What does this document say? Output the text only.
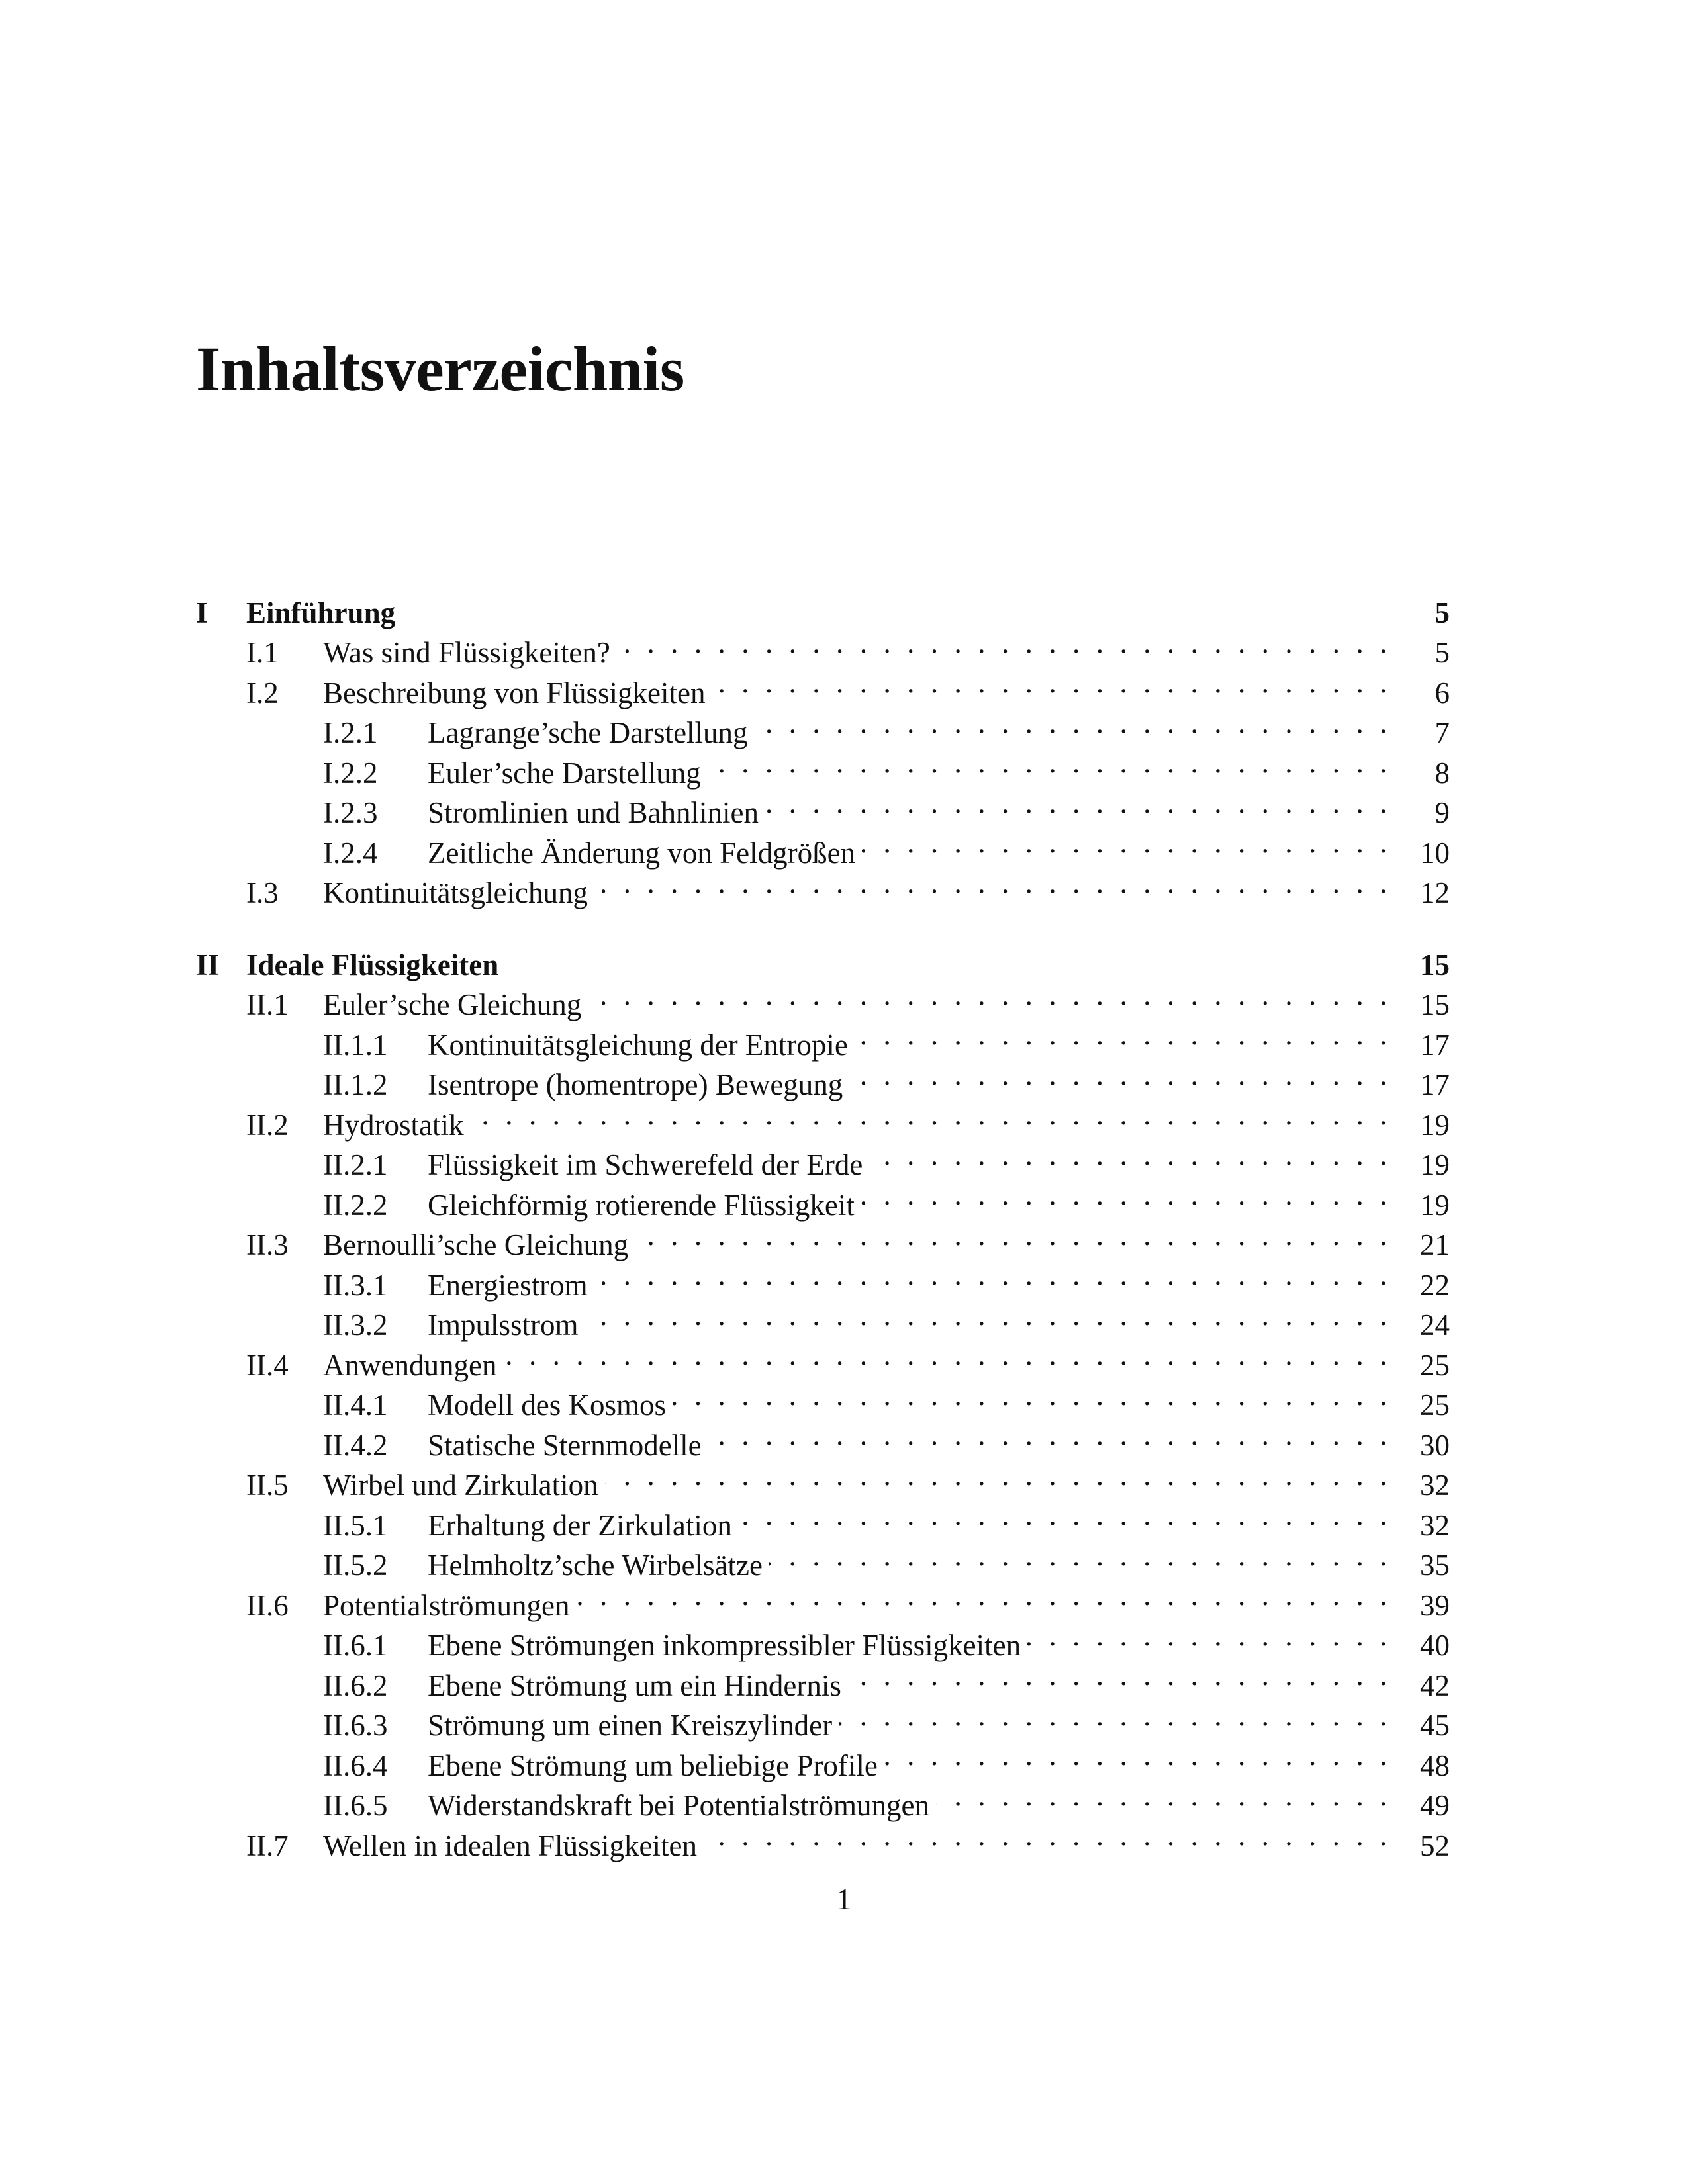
Inhaltsverzeichnis
I	Einführung	5
I.1	Was sind Flüssigkeiten? . . .	5
I.2	Beschreibung von Flüssigkeiten . . .	6
I.2.1	Lagrange’sche Darstellung . . .	7
I.2.2	Euler’sche Darstellung . . .	8
I.2.3	Stromlinien und Bahnlinien . . .	9
I.2.4	Zeitliche Änderung von Feldgrößen . . .	10
I.3	Kontinuitätsgleichung . . .	12
II Ideale Flüssigkeiten	15
II.1	Euler’sche Gleichung . . .	15
II.1.1	Kontinuitätsgleichung der Entropie . . .	17
II.1.2	Isentrope (homentrope) Bewegung . . .	17
II.2	Hydrostatik . . .	19
II.2.1	Flüssigkeit im Schwerefeld der Erde . . .	19
II.2.2	Gleichförmig rotierende Flüssigkeit . . .	19
II.3	Bernoulli’sche Gleichung . . .	21
II.3.1	Energiestrom . . .	22
II.3.2	Impulsstrom . . .	24
II.4	Anwendungen . . .	25
II.4.1	Modell des Kosmos . . .	25
II.4.2	Statische Sternmodelle . . .	30
II.5	Wirbel und Zirkulation . . .	32
II.5.1	Erhaltung der Zirkulation . . .	32
II.5.2	Helmholtz’sche Wirbelsätze . . .	35
II.6	Potentialströmungen . . .	39
II.6.1	Ebene Strömungen inkompressibler Flüssigkeiten . . .	40
II.6.2	Ebene Strömung um ein Hindernis . . .	42
II.6.3	Strömung um einen Kreiszylinder . . .	45
II.6.4	Ebene Strömung um beliebige Profile . . .	48
II.6.5	Widerstandskraft bei Potentialströmungen . . .	49
II.7	Wellen in idealen Flüssigkeiten . . .	52
1
